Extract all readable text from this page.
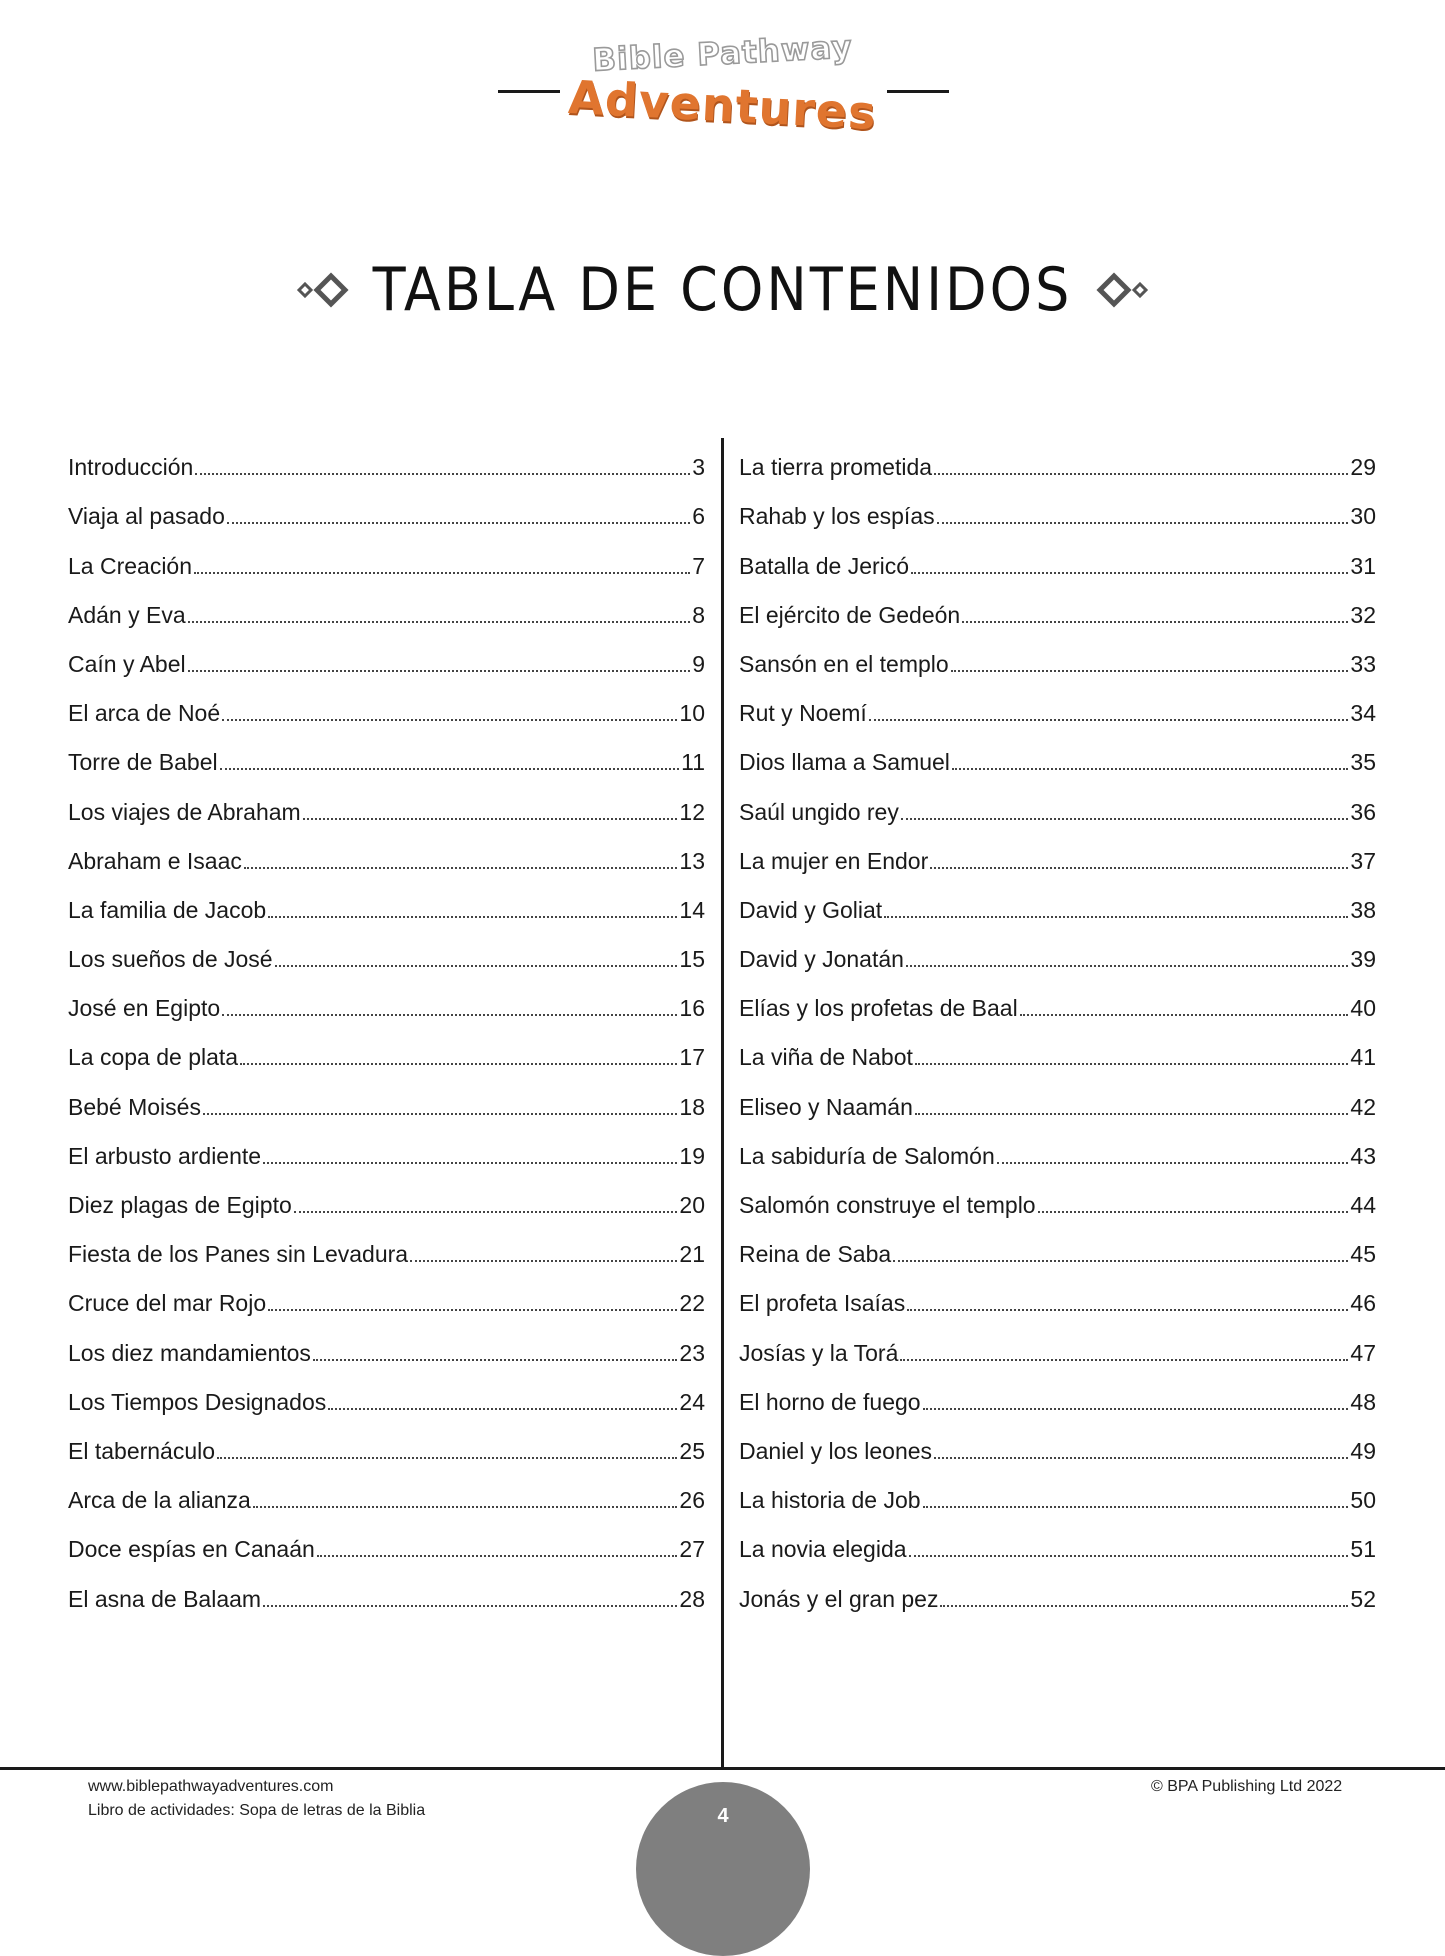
Bible Pathway
Adventures
TABLA DE CONTENIDOS
Introducción	3
Viaja al pasado	6
La Creación	7
Adán y Eva	8
Caín y Abel	9
El arca de Noé	10
Torre de Babel	11
Los viajes de Abraham	12
Abraham e Isaac	13
La familia de Jacob	14
Los sueños de José	15
José en Egipto	16
La copa de plata	17
Bebé Moisés	18
El arbusto ardiente	19
Diez plagas de Egipto	20
Fiesta de los Panes sin Levadura	21
Cruce del mar Rojo	22
Los diez mandamientos	23
Los Tiempos Designados	24
El tabernáculo	25
Arca de la alianza	26
Doce espías en Canaán	27
El asna de Balaam	28
La tierra prometida	29
Rahab y los espías	30
Batalla de Jericó	31
El ejército de Gedeón	32
Sansón en el templo	33
Rut y Noemí	34
Dios llama a Samuel	35
Saúl ungido rey	36
La mujer en Endor	37
David y Goliat	38
David y Jonatán	39
Elías y los profetas de Baal	40
La viña de Nabot	41
Eliseo y Naamán	42
La sabiduría de Salomón	43
Salomón construye el templo	44
Reina de Saba	45
El profeta Isaías	46
Josías y la Torá	47
El horno de fuego	48
Daniel y los leones	49
La historia de Job	50
La novia elegida	51
Jonás y el gran pez	52
www.biblepathwayadventures.com
Libro de actividades: Sopa de letras de la Biblia
© BPA Publishing Ltd 2022
4
